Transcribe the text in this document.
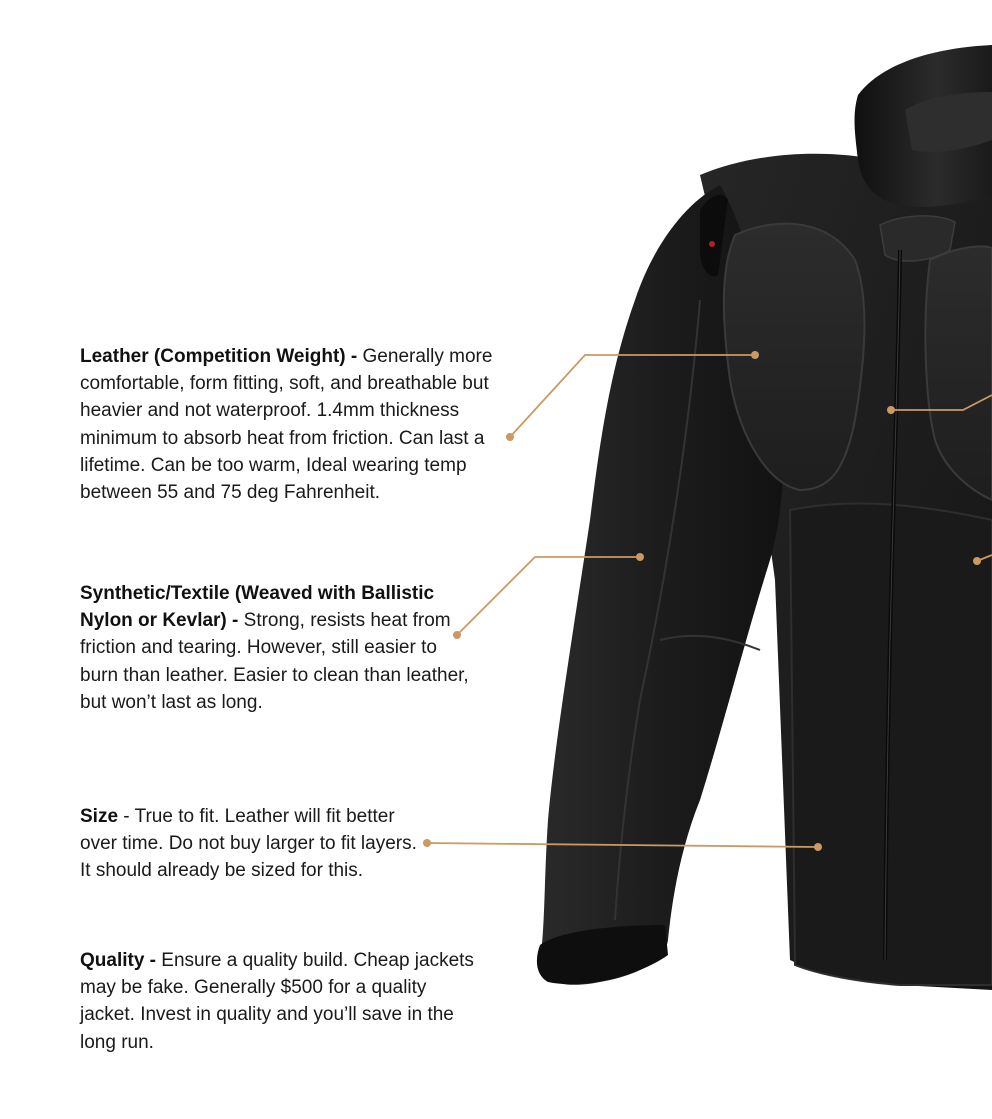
Leather (Competition Weight) - Generally more comfortable, form fitting, soft, and breathable but heavier and not waterproof. 1.4mm thickness minimum to absorb heat from friction. Can last a lifetime. Can be too warm, Ideal wearing temp between 55 and 75 deg Fahrenheit.
Synthetic/Textile (Weaved with Ballistic Nylon or Kevlar) - Strong, resists heat from friction and tearing. However, still easier to burn than leather. Easier to clean than leather, but won’t last as long.
Size - True to fit. Leather will fit better over time. Do not buy larger to fit layers. It should already be sized for this.
Quality - Ensure a quality build. Cheap jackets may be fake. Generally $500 for a quality jacket. Invest in quality and you’ll save in the long run.
